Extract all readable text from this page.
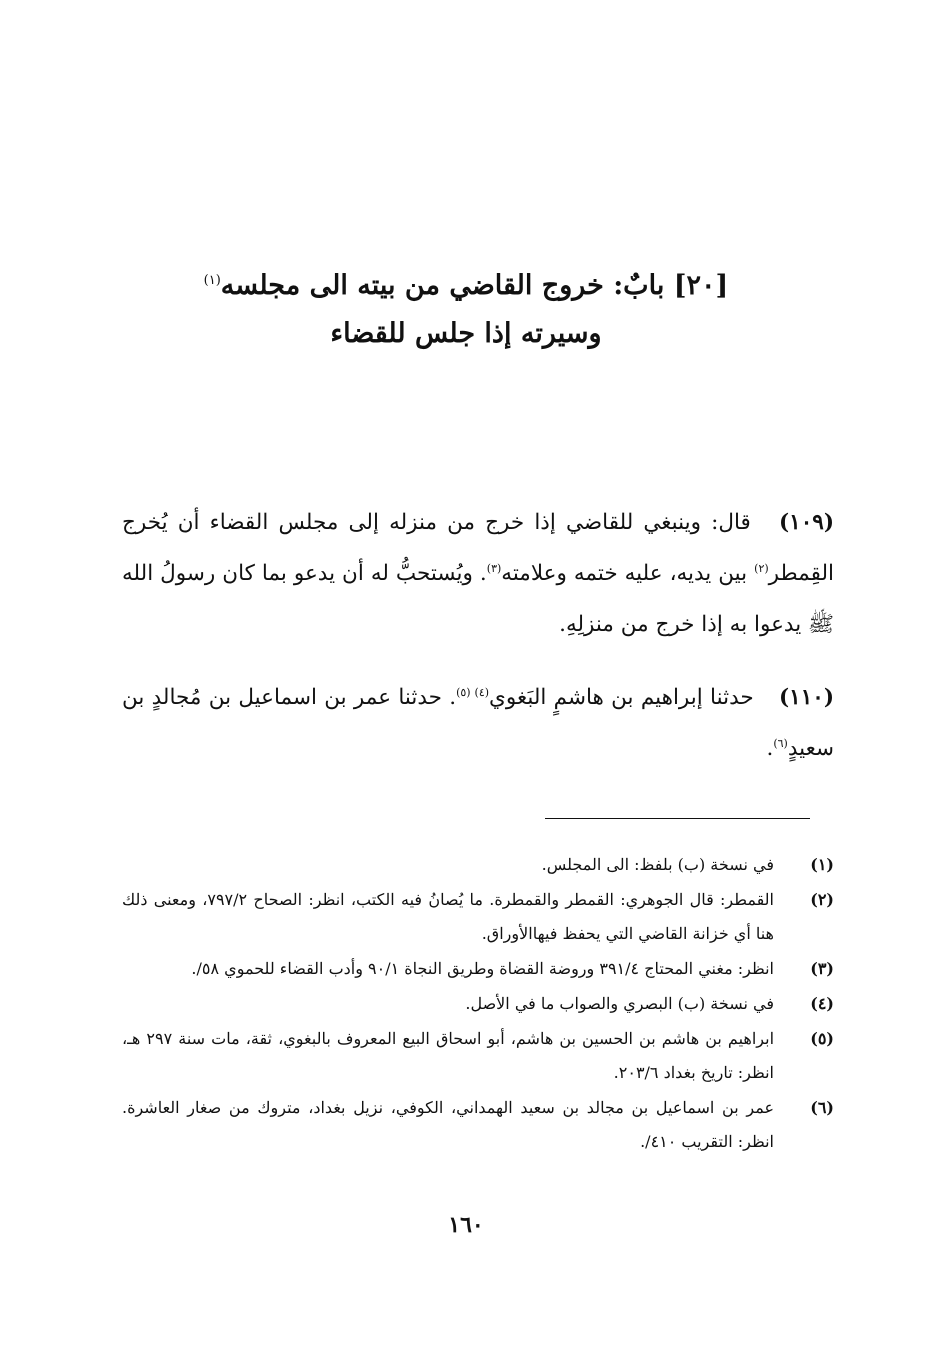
[٢٠] بابٌ: خروج القاضي من بيته الى مجلسه$^{(١)}$
وسيرته إذا جلس للقضاء
(١٠٩) قال: وينبغي للقاضي إذا خرج من منزله إلى مجلس القضاء أن يُخرج القِمطر$^{(٢)}$ بين يديه، عليه ختمه وعلامته$^{(٣)}$. ويُستحبُّ له أن يدعو بما كان رسولُ الله ﷺ يدعوا به إذا خرج من منزلِهِ.
(١١٠) حدثنا إبراهيم بن هاشمٍ البَغوي$^{(٤) (٥)}$. حدثنا عمر بن اسماعيل بن مُجالدٍ بن سعيدٍ$^{(٦)}$.
(١)
في نسخة (ب) بلفظ: الى المجلس.
(٢)
القمطر: قال الجوهري: القمطر والقمطرة. ما يُصانُ فيه الكتب، انظر: الصحاح ٧٩٧/٢، ومعنى ذلك هنا أي خزانة القاضي التي يحفظ فيهاالأوراق.
(٣)
انظر: مغني المحتاج ٣٩١/٤ وروضة القضاة وطريق النجاة ٩٠/١ وأدب القضاء للحموي ٥٨/.
(٤)
في نسخة (ب) البصري والصواب ما في الأصل.
(٥)
ابراهيم بن هاشم بن الحسين بن هاشم، أبو اسحاق البيع المعروف بالبغوي، ثقة، مات سنة ٢٩٧ هـ، انظر: تاريخ بغداد ٢٠٣/٦.
(٦)
عمر بن اسماعيل بن مجالد بن سعيد الهمداني، الكوفي، نزيل بغداد، متروك من صغار العاشرة. انظر: التقريب ٤١٠/.
١٦٠
